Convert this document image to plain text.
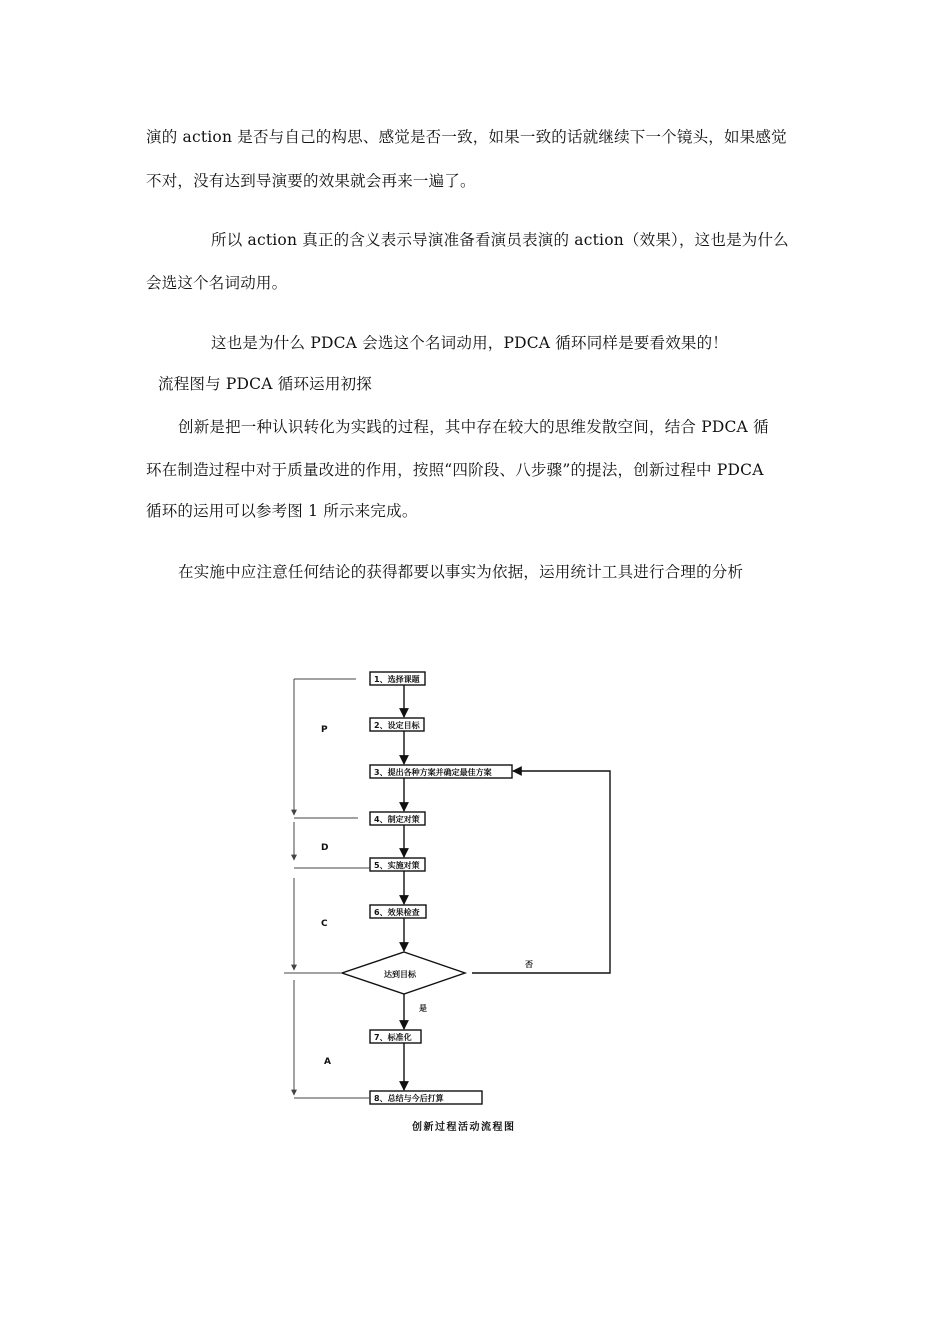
演的 action 是否与自己的构思、感觉是否一致，如果一致的话就继续下一个镜头，如果感觉
不对，没有达到导演要的效果就会再来一遍了。
所以 action 真正的含义表示导演准备看演员表演的 action（效果），这也是为什么
会选这个名词动用。
这也是为什么 PDCA 会选这个名词动用，PDCA 循环同样是要看效果的！
流程图与 PDCA 循环运用初探
创新是把一种认识转化为实践的过程，其中存在较大的思维发散空间，结合 PDCA 循
环在制造过程中对于质量改进的作用，按照“四阶段、八步骤”的提法，创新过程中 PDCA
循环的运用可以参考图 1 所示来完成。
在实施中应注意任何结论的获得都要以事实为依据，运用统计工具进行合理的分析
1、选择课题
2、设定目标
3、提出各种方案并确定最佳方案
4、制定对策
5、实施对策
6、效果检查
达到目标
7、标准化
8、总结与今后打算
否
是
P
D
C
A
创新过程活动流程图
